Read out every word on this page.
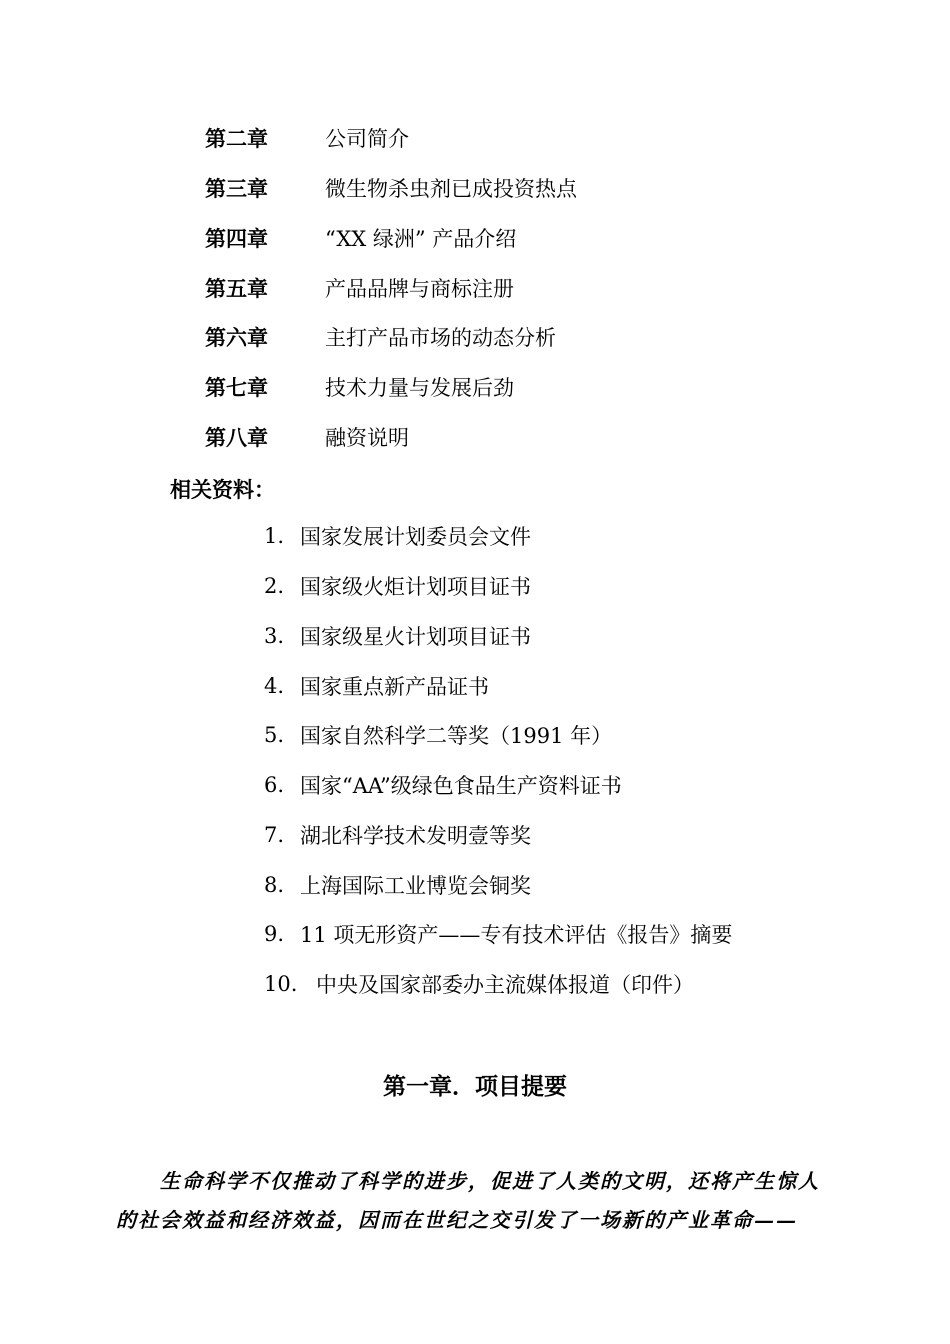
第二章	公司简介
第三章	微生物杀虫剂已成投资热点
第四章	“XX 绿洲” 产品介绍
第五章	产品品牌与商标注册
第六章	主打产品市场的动态分析
第七章	技术力量与发展后劲
第八章	融资说明
相关资料：
1. 国家发展计划委员会文件
2. 国家级火炬计划项目证书
3. 国家级星火计划项目证书
4. 国家重点新产品证书
5. 国家自然科学二等奖（1991 年）
6. 国家“AA”级绿色食品生产资料证书
7. 湖北科学技术发明壹等奖
8. 上海国际工业博览会铜奖
9. 11 项无形资产——专有技术评估《报告》摘要
10. 中央及国家部委办主流媒体报道（印件）
第一章．项目提要
生命科学不仅推动了科学的进步，促进了人类的文明，还将产生惊人的社会效益和经济效益，因而在世纪之交引发了一场新的产业革命——
